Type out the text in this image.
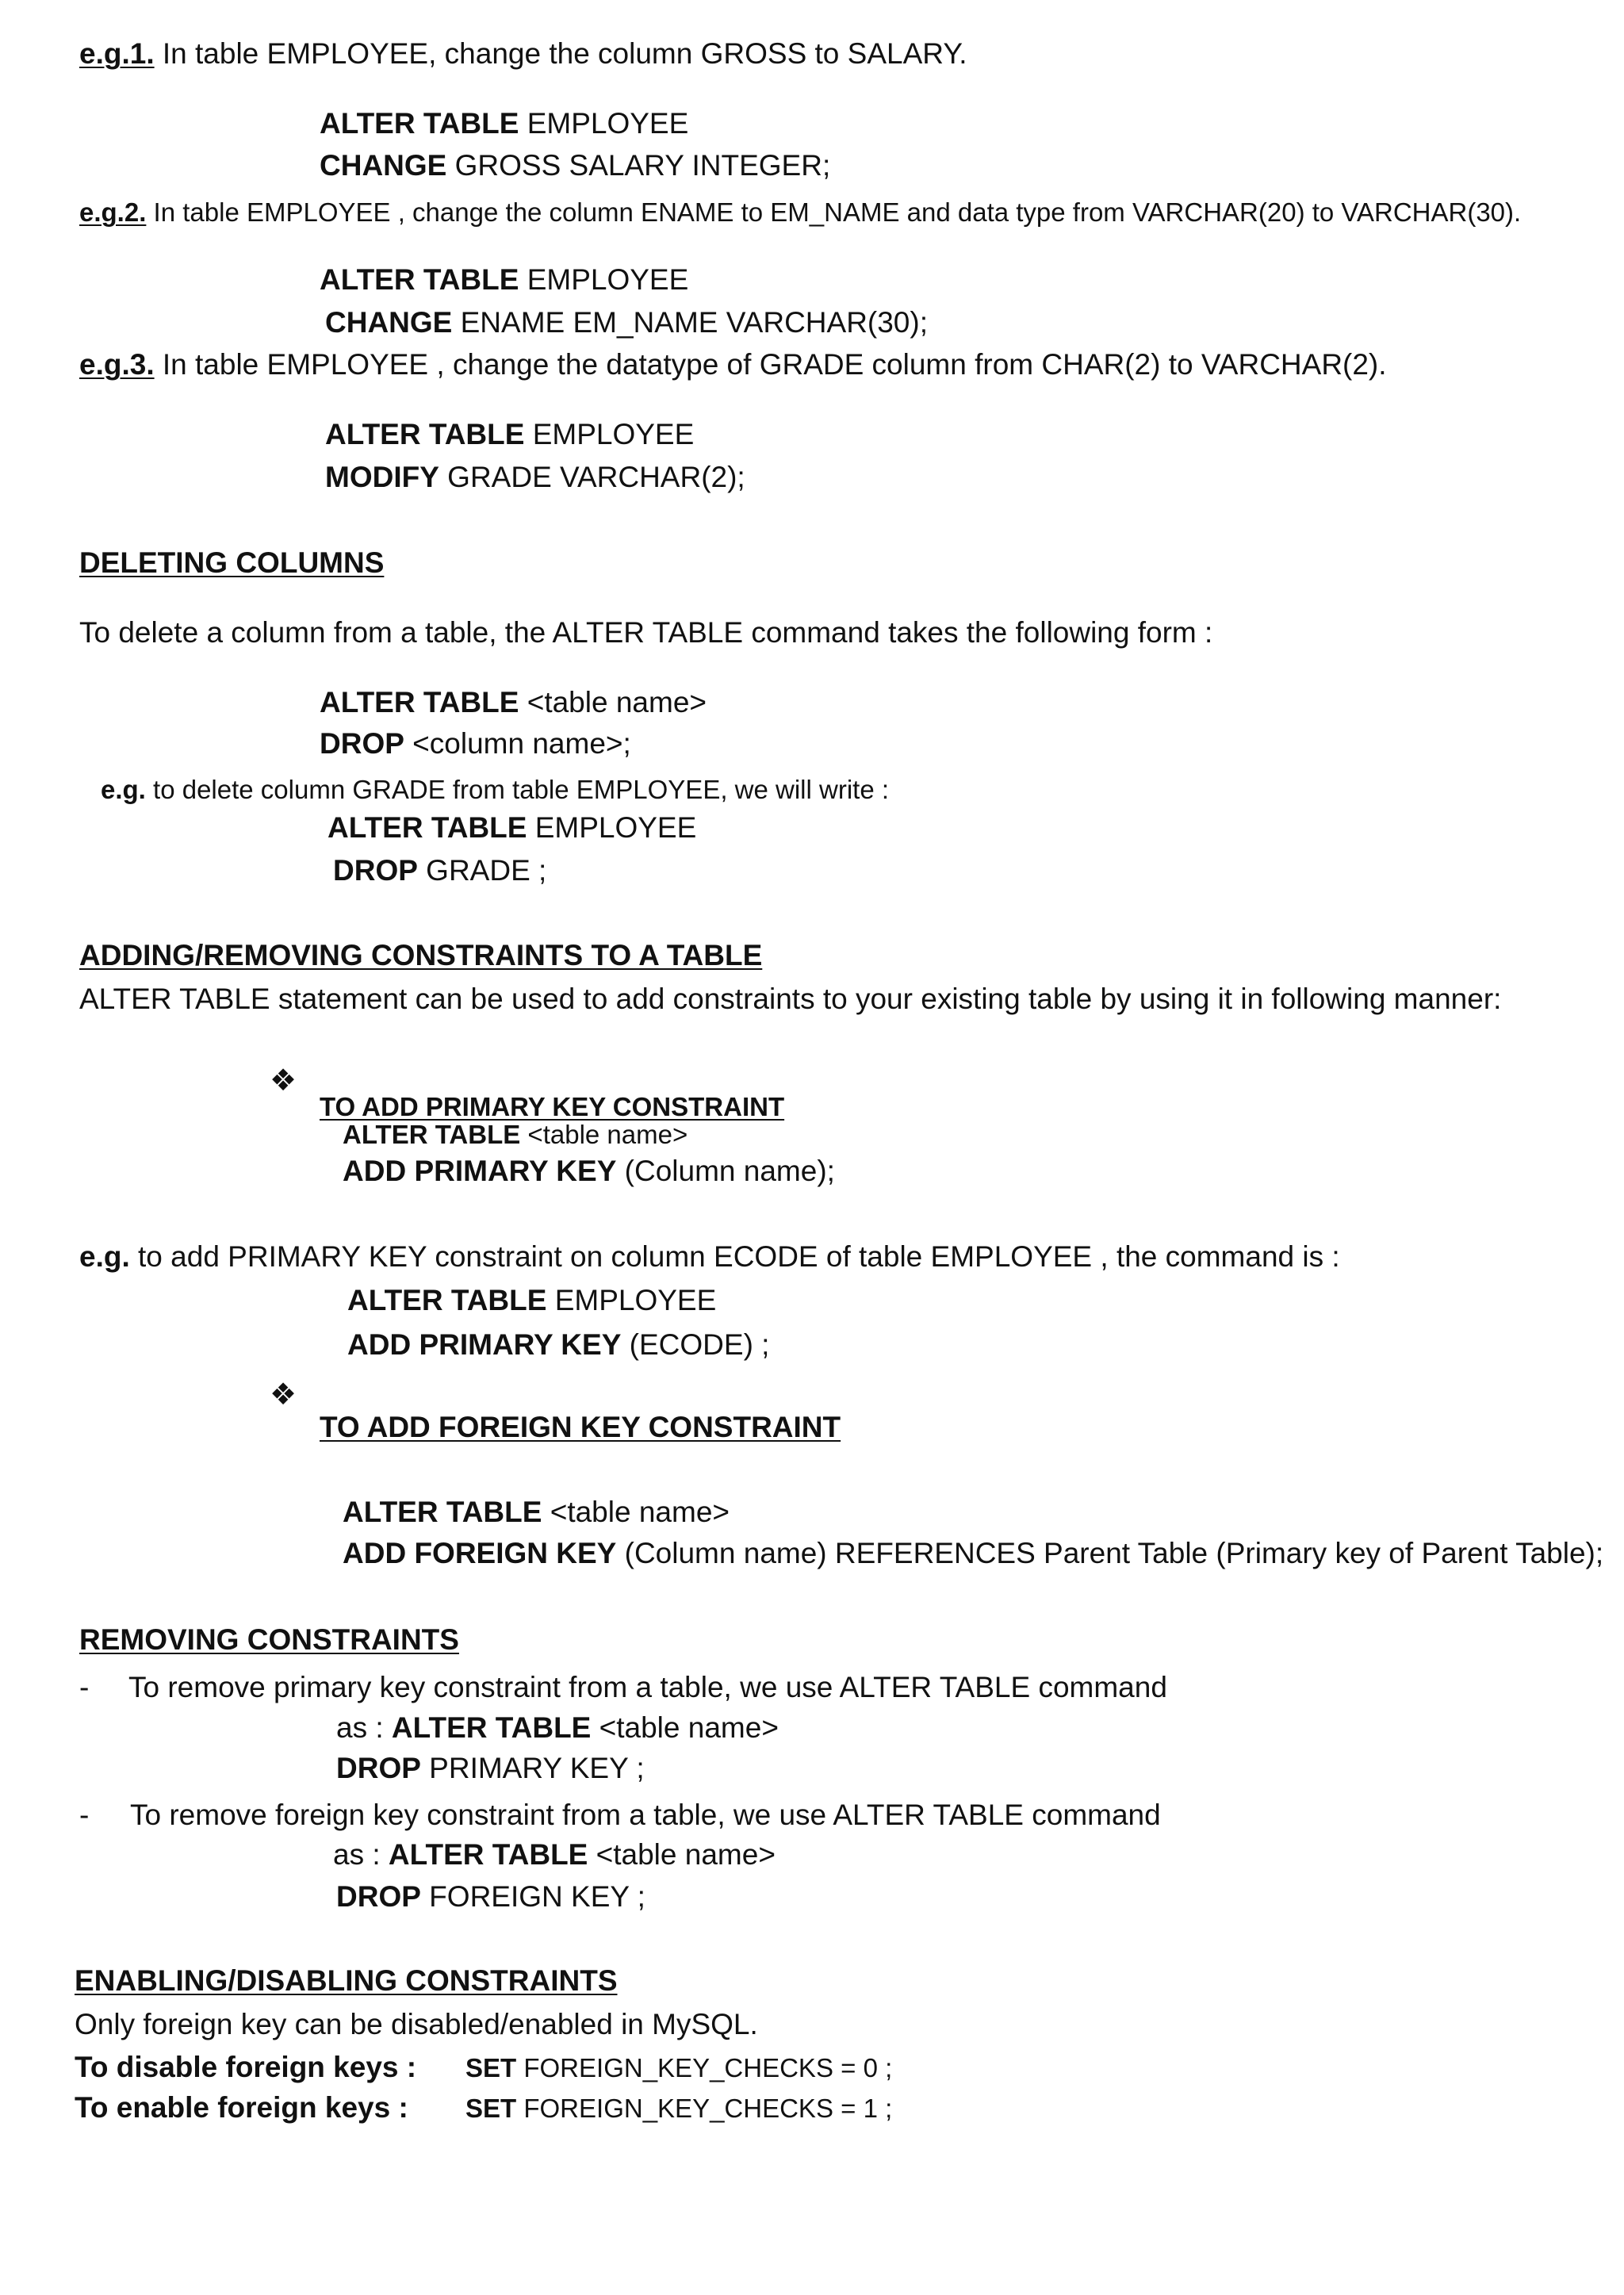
e.g.1. In table EMPLOYEE, change the column GROSS to SALARY.
ALTER TABLE EMPLOYEE
CHANGE GROSS SALARY INTEGER;
e.g.2. In table EMPLOYEE , change the column ENAME to EM_NAME and data type from VARCHAR(20) to VARCHAR(30).
ALTER TABLE EMPLOYEE
CHANGE ENAME EM_NAME VARCHAR(30);
e.g.3. In table EMPLOYEE , change the datatype of GRADE column from CHAR(2) to VARCHAR(2).
ALTER TABLE EMPLOYEE
MODIFY GRADE VARCHAR(2);
DELETING COLUMNS
To delete a column from a table, the ALTER TABLE command takes the following form :
ALTER TABLE <table name>
DROP <column name>;
e.g. to delete column GRADE from table EMPLOYEE, we will write :
ALTER TABLE EMPLOYEE
DROP GRADE ;
ADDING/REMOVING CONSTRAINTS TO A TABLE
ALTER TABLE statement can be used to add constraints to your existing table by using it in following manner:
❖
TO ADD PRIMARY KEY CONSTRAINT
ALTER TABLE <table name>
ADD PRIMARY KEY (Column name);
e.g. to add PRIMARY KEY constraint on column ECODE of table EMPLOYEE , the command is :
ALTER TABLE EMPLOYEE
ADD PRIMARY KEY (ECODE) ;
❖
TO ADD FOREIGN KEY CONSTRAINT
ALTER TABLE <table name>
ADD FOREIGN KEY (Column name) REFERENCES Parent Table (Primary key of Parent Table);
REMOVING CONSTRAINTS
- To remove primary key constraint from a table, we use ALTER TABLE command
as : ALTER TABLE <table name>
DROP PRIMARY KEY ;
- To remove foreign key constraint from a table, we use ALTER TABLE command
as : ALTER TABLE <table name>
DROP FOREIGN KEY ;
ENABLING/DISABLING CONSTRAINTS
Only foreign key can be disabled/enabled in MySQL.
To disable foreign keys : SET FOREIGN_KEY_CHECKS = 0 ;
To enable foreign keys : SET FOREIGN_KEY_CHECKS = 1 ;
